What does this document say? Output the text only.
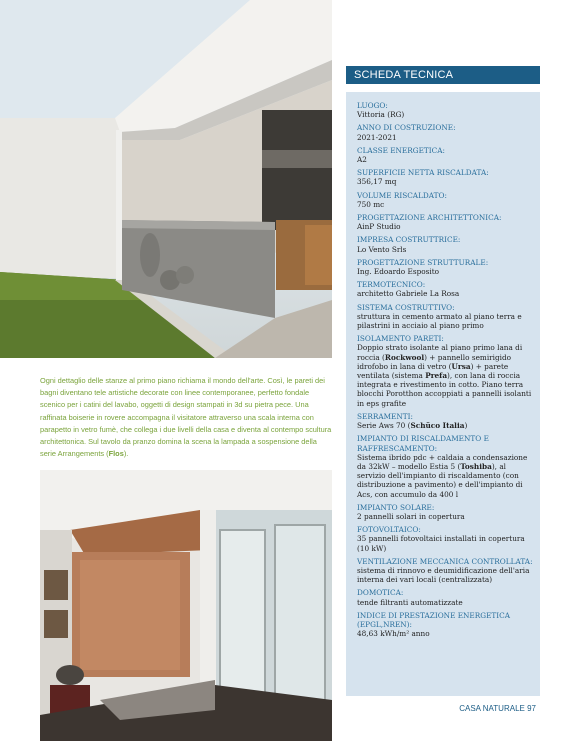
Ogni dettaglio delle stanze al primo piano richiama il mondo dell'arte. Così, le pareti dei bagni diventano tele artistiche decorate con linee contemporanee, perfetto fondale scenico per i catini del lavabo, oggetti di design stampati in 3d su pietra pece. Una raffinata boiserie in rovere accompagna il visitatore attraverso una scala interna con parapetto in vetro fumè, che collega i due livelli della casa e diventa al contempo scultura architettonica. Sul tavolo da pranzo domina la scena la lampada a sospensione della serie Arrangements (Flos).
SCHEDA TECNICA
LUOGO:
Vittoria (RG)
ANNO DI COSTRUZIONE:
2021-2021
CLASSE ENERGETICA:
A2
SUPERFICIE NETTA RISCALDATA:
356,17 mq
VOLUME RISCALDATO:
750 mc
PROGETTAZIONE ARCHITETTONICA:
AinP Studio
IMPRESA COSTRUTTRICE:
Lo Vento Srls
PROGETTAZIONE STRUTTURALE:
Ing. Edoardo Esposito
TERMOTECNICO:
architetto Gabriele La Rosa
SISTEMA COSTRUTTIVO:
struttura in cemento armato al piano terra e pilastrini in acciaio al piano primo
ISOLAMENTO PARETI:
Doppio strato isolante al piano primo lana di roccia (Rockwool) + pannello semirigido idrofobo in lana di vetro (Ursa) + parete ventilata (sistema Prefa), con lana di roccia integrata e rivestimento in cotto. Piano terra blocchi Porotthon accoppiati a pannelli isolanti in eps grafite
SERRAMENTI:
Serie Aws 70 (Schüco Italia)
IMPIANTO DI RISCALDAMENTO E RAFFRESCAMENTO:
Sistema ibrido pdc + caldaia a condensazione da 32kW – modello Estia 5 (Toshiba), al servizio dell'impianto di riscaldamento (con distribuzione a pavimento) e dell'impianto di Acs, con accumulo da 400 l
IMPIANTO SOLARE:
2 pannelli solari in copertura
FOTOVOLTAICO:
35 pannelli fotovoltaici installati in copertura (10 kW)
VENTILAZIONE MECCANICA CONTROLLATA:
sistema di rinnovo e deumidificazione dell'aria interna dei vari locali (centralizzata)
DOMOTICA:
tende filtranti automatizzate
INDICE DI PRESTAZIONE ENERGETICA (EPGL,NREN):
48,63 kWh/m² anno
CASA NATURALE 97
